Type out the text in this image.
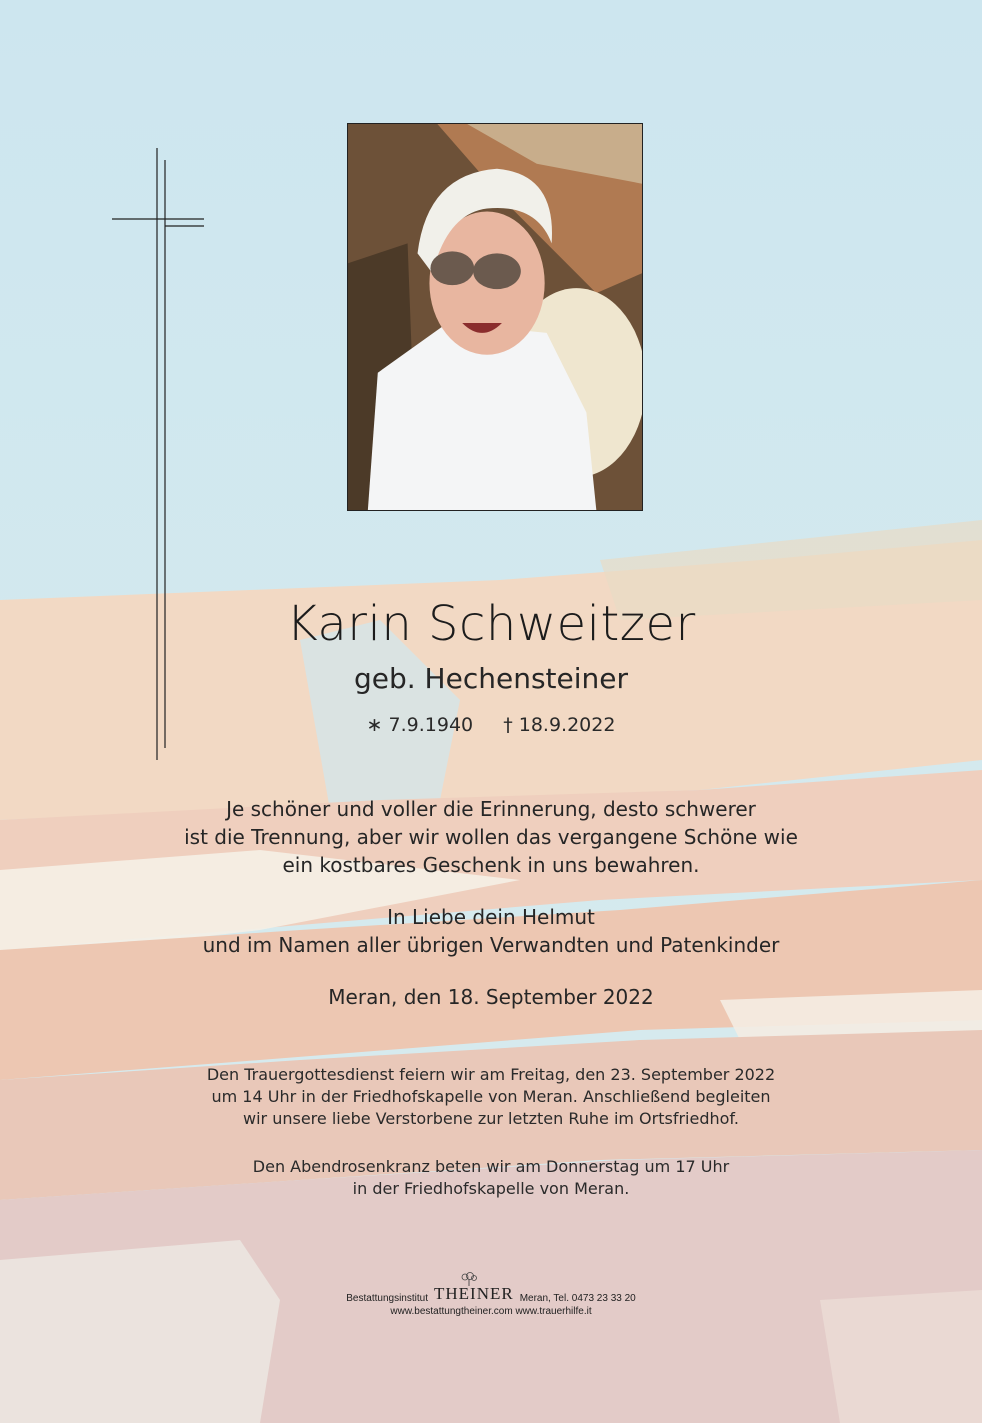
Karin Schweitzer
geb. Hechensteiner
∗ 7.9.1940 † 18.9.2022
Je schöner und voller die Erinnerung, desto schwerer
ist die Trennung, aber wir wollen das vergangene Schöne wie
ein kostbares Geschenk in uns bewahren.
In Liebe dein Helmut
und im Namen aller übrigen Verwandten und Patenkinder
Meran, den 18. September 2022
Den Trauergottesdienst feiern wir am Freitag, den 23. September 2022
um 14 Uhr in der Friedhofskapelle von Meran. Anschließend begleiten
wir unsere liebe Verstorbene zur letzten Ruhe im Ortsfriedhof.
Den Abendrosenkranz beten wir am Donnerstag um 17 Uhr
in der Friedhofskapelle von Meran.
Bestattungsinstitut THEINER Meran, Tel. 0473 23 33 20
www.bestattungtheiner.com www.trauerhilfe.it
